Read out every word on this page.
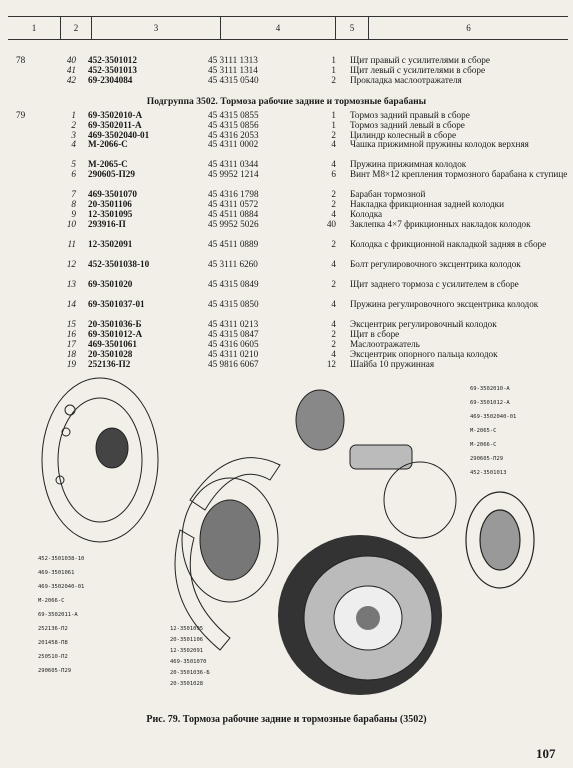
1	2	3	4	5	6
Подгруппа 3502. Тормоза рабочие задние и тормозные барабаны
78	40 452-3501012	45 3111 1313	1 Щит правый с усилителями в сборе
41 452-3501013	45 3111 1314	1 Щит левый с усилителями в сборе
42 69-2304084	45 4315 0540	2 Прокладка маслоотражателя
79	1 69-3502010-А	45 4315 0855	1 Тормоз задний правый в сборе
2 69-3502011-А	45 4315 0856	1 Тормоз задний левый в сборе
3 469-3502040-01	45 4316 2053	2 Цилиндр колесный в сборе
4 М-2066-С	45 4311 0002	4 Чашка прижимной пружины колодок верхняя
5 М-2065-С	45 4311 0344	4 Пружина прижимная колодок
6 290605-П29	45 9952 1214	6 Винт М8×12 крепления тормозного барабана к ступице
7 469-3501070	45 4316 1798	2 Барабан тормозной
8 20-3501106	45 4311 0572	2 Накладка фрикционная задней колодки
9 12-3501095	45 4511 0884	4 Колодка
10 293916-П	45 9952 5026	40 Заклепка 4×7 фрикционных накладок колодок
11 12-3502091	45 4511 0889	2 Колодка с фрикционной накладкой задняя в сборе
12 452-3501038-10	45 3111 6260	4 Болт регулировочного эксцентрика колодок
13 69-3501020	45 4315 0849	2 Щит заднего тормоза с усилителем в сборе
14 69-3501037-01	45 4315 0850	4 Пружина регулировочного эксцентрика колодок
15 20-3501036-Б	45 4311 0213	4 Эксцентрик регулировочный колодок
16 69-3501012-А	45 4315 0847	2 Щит в сборе
17 469-3501061	45 4316 0605	2 Маслоотражатель
18 20-3501028	45 4311 0210	4 Эксцентрик опорного пальца колодок
19 252136-П2	45 9816 6067	12 Шайба 10 пружинная
452-3501038-10
469-3501061
469-3502040-01
М-2066-С
69-3502011-А
252136-П2
201458-П8
250510-П2
290605-П29
69-3502010-А
69-3501012-А
469-3502040-01
М-2065-С
М-2066-С
290605-П29
452-3501013
12-3501095
20-3501106
12-3502091
469-3501070
20-3501036-Б
20-3501028
Рис. 79. Тормоза рабочие задние и тормозные барабаны (3502)
107
